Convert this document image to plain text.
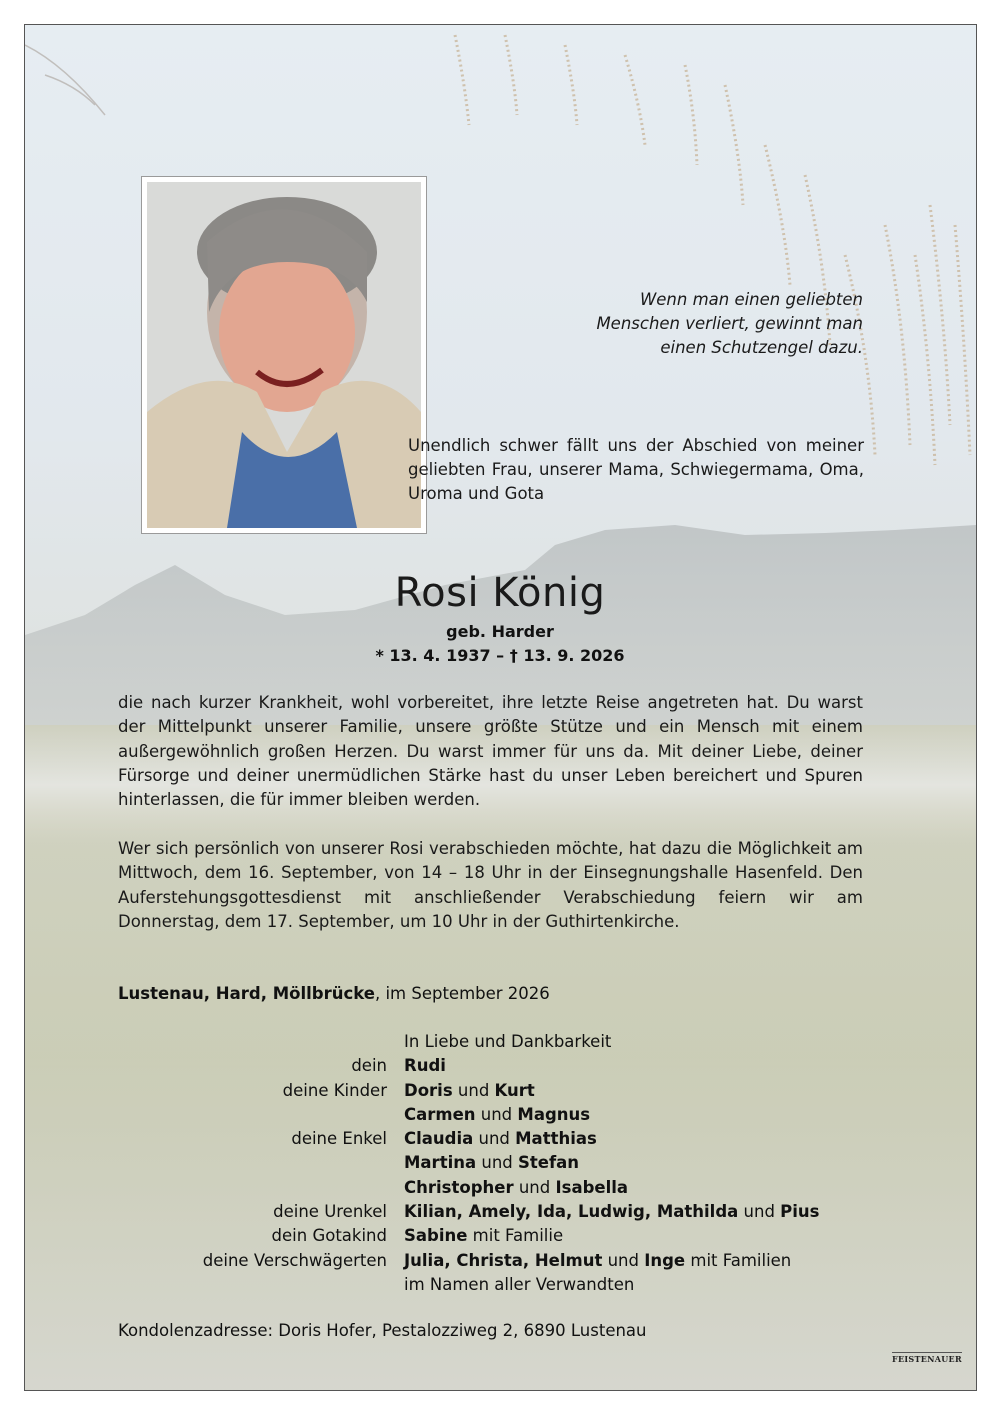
Wenn man einen geliebten
Menschen verliert, gewinnt man
einen Schutzengel dazu.
Unendlich schwer fällt uns der Abschied von meiner geliebten Frau, unserer Mama, Schwiegermama, Oma, Uroma und Gota
Rosi König
geb. Harder
* 13. 4. 1937 – † 13. 9. 2026
die nach kurzer Krankheit, wohl vorbereitet, ihre letzte Reise angetreten hat. Du warst der Mittelpunkt unserer Familie, unsere größte Stütze und ein Mensch mit einem außergewöhnlich großen Herzen. Du warst immer für uns da. Mit deiner Liebe, deiner Fürsorge und deiner unermüdlichen Stärke hast du unser Leben bereichert und Spuren hinterlassen, die für immer bleiben werden.
Wer sich persönlich von unserer Rosi verabschieden möchte, hat dazu die Möglichkeit am Mittwoch, dem 16. September, von 14 – 18 Uhr in der Einsegnungshalle Hasenfeld. Den Auferstehungsgottesdienst mit anschließender Verabschiedung feiern wir am Donnerstag, dem 17. September, um 10 Uhr in der Guthirtenkirche.
Lustenau, Hard, Möllbrücke, im September 2026
In Liebe und Dankbarkeit
dein Rudi
deine Kinder Doris und Kurt
Carmen und Magnus
deine Enkel Claudia und Matthias
Martina und Stefan
Christopher und Isabella
deine Urenkel Kilian, Amely, Ida, Ludwig, Mathilda und Pius
dein Gotakind Sabine mit Familie
deine Verschwägerten Julia, Christa, Helmut und Inge mit Familien
im Namen aller Verwandten
Kondolenzadresse: Doris Hofer, Pestalozziweg 2, 6890 Lustenau
FEISTENAUER
